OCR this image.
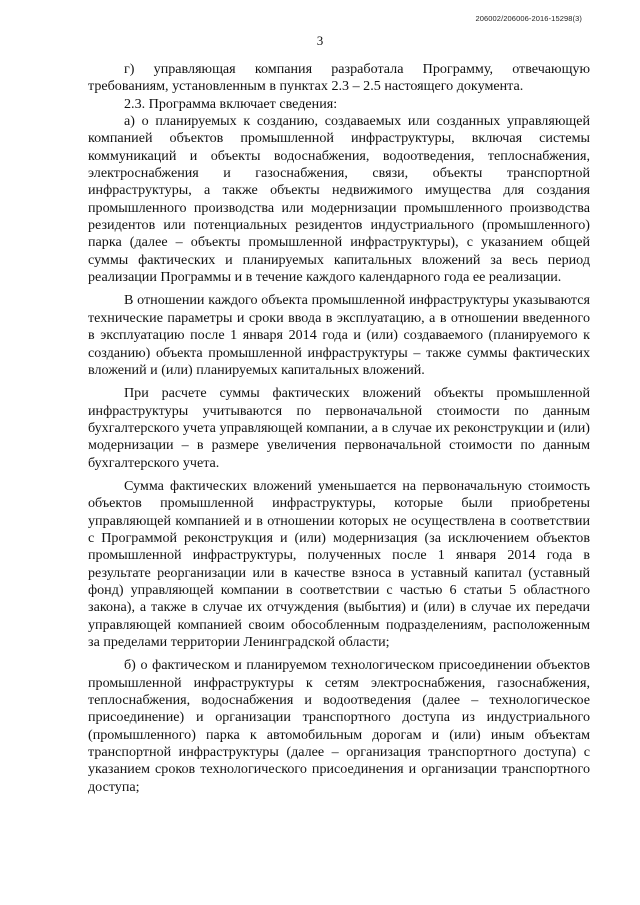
206002/206006-2016-15298(3)
3

г) управляющая компания разработала Программу, отвечающую требованиям, установленным в пунктах 2.3 – 2.5 настоящего документа.

2.3. Программа включает сведения:

а) о планируемых к созданию, создаваемых или созданных управляющей компанией объектов промышленной инфраструктуры, включая системы коммуникаций и объекты водоснабжения, водоотведения, теплоснабжения, электроснабжения и газоснабжения, связи, объекты транспортной инфраструктуры, а также объекты недвижимого имущества для создания промышленного производства или модернизации промышленного производства резидентов или потенциальных резидентов индустриального (промышленного) парка (далее – объекты промышленной инфраструктуры), с указанием общей суммы фактических и планируемых капитальных вложений за весь период реализации Программы и в течение каждого календарного года ее реализации.

В отношении каждого объекта промышленной инфраструктуры указываются технические параметры и сроки ввода в эксплуатацию, а в отношении введенного в эксплуатацию после 1 января 2014 года и (или) создаваемого (планируемого к созданию) объекта промышленной инфраструктуры – также суммы фактических вложений и (или) планируемых капитальных вложений.

При расчете суммы фактических вложений объекты промышленной инфраструктуры учитываются по первоначальной стоимости по данным бухгалтерского учета управляющей компании, а в случае их реконструкции и (или) модернизации – в размере увеличения первоначальной стоимости по данным бухгалтерского учета.

Сумма фактических вложений уменьшается на первоначальную стоимость объектов промышленной инфраструктуры, которые были приобретены управляющей компанией и в отношении которых не осуществлена в соответствии с Программой реконструкция и (или) модернизация (за исключением объектов промышленной инфраструктуры, полученных после 1 января 2014 года в результате реорганизации или в качестве взноса в уставный капитал (уставный фонд) управляющей компании в соответствии с частью 6 статьи 5 областного закона), а также в случае их отчуждения (выбытия) и (или) в случае их передачи управляющей компанией своим обособленным подразделениям, расположенным за пределами территории Ленинградской области;

б) о фактическом и планируемом технологическом присоединении объектов промышленной инфраструктуры к сетям электроснабжения, газоснабжения, теплоснабжения, водоснабжения и водоотведения (далее – технологическое присоединение) и организации транспортного доступа из индустриального (промышленного) парка к автомобильным дорогам и (или) иным объектам транспортной инфраструктуры (далее – организация транспортного доступа) с указанием сроков технологического присоединения и организации транспортного доступа;
